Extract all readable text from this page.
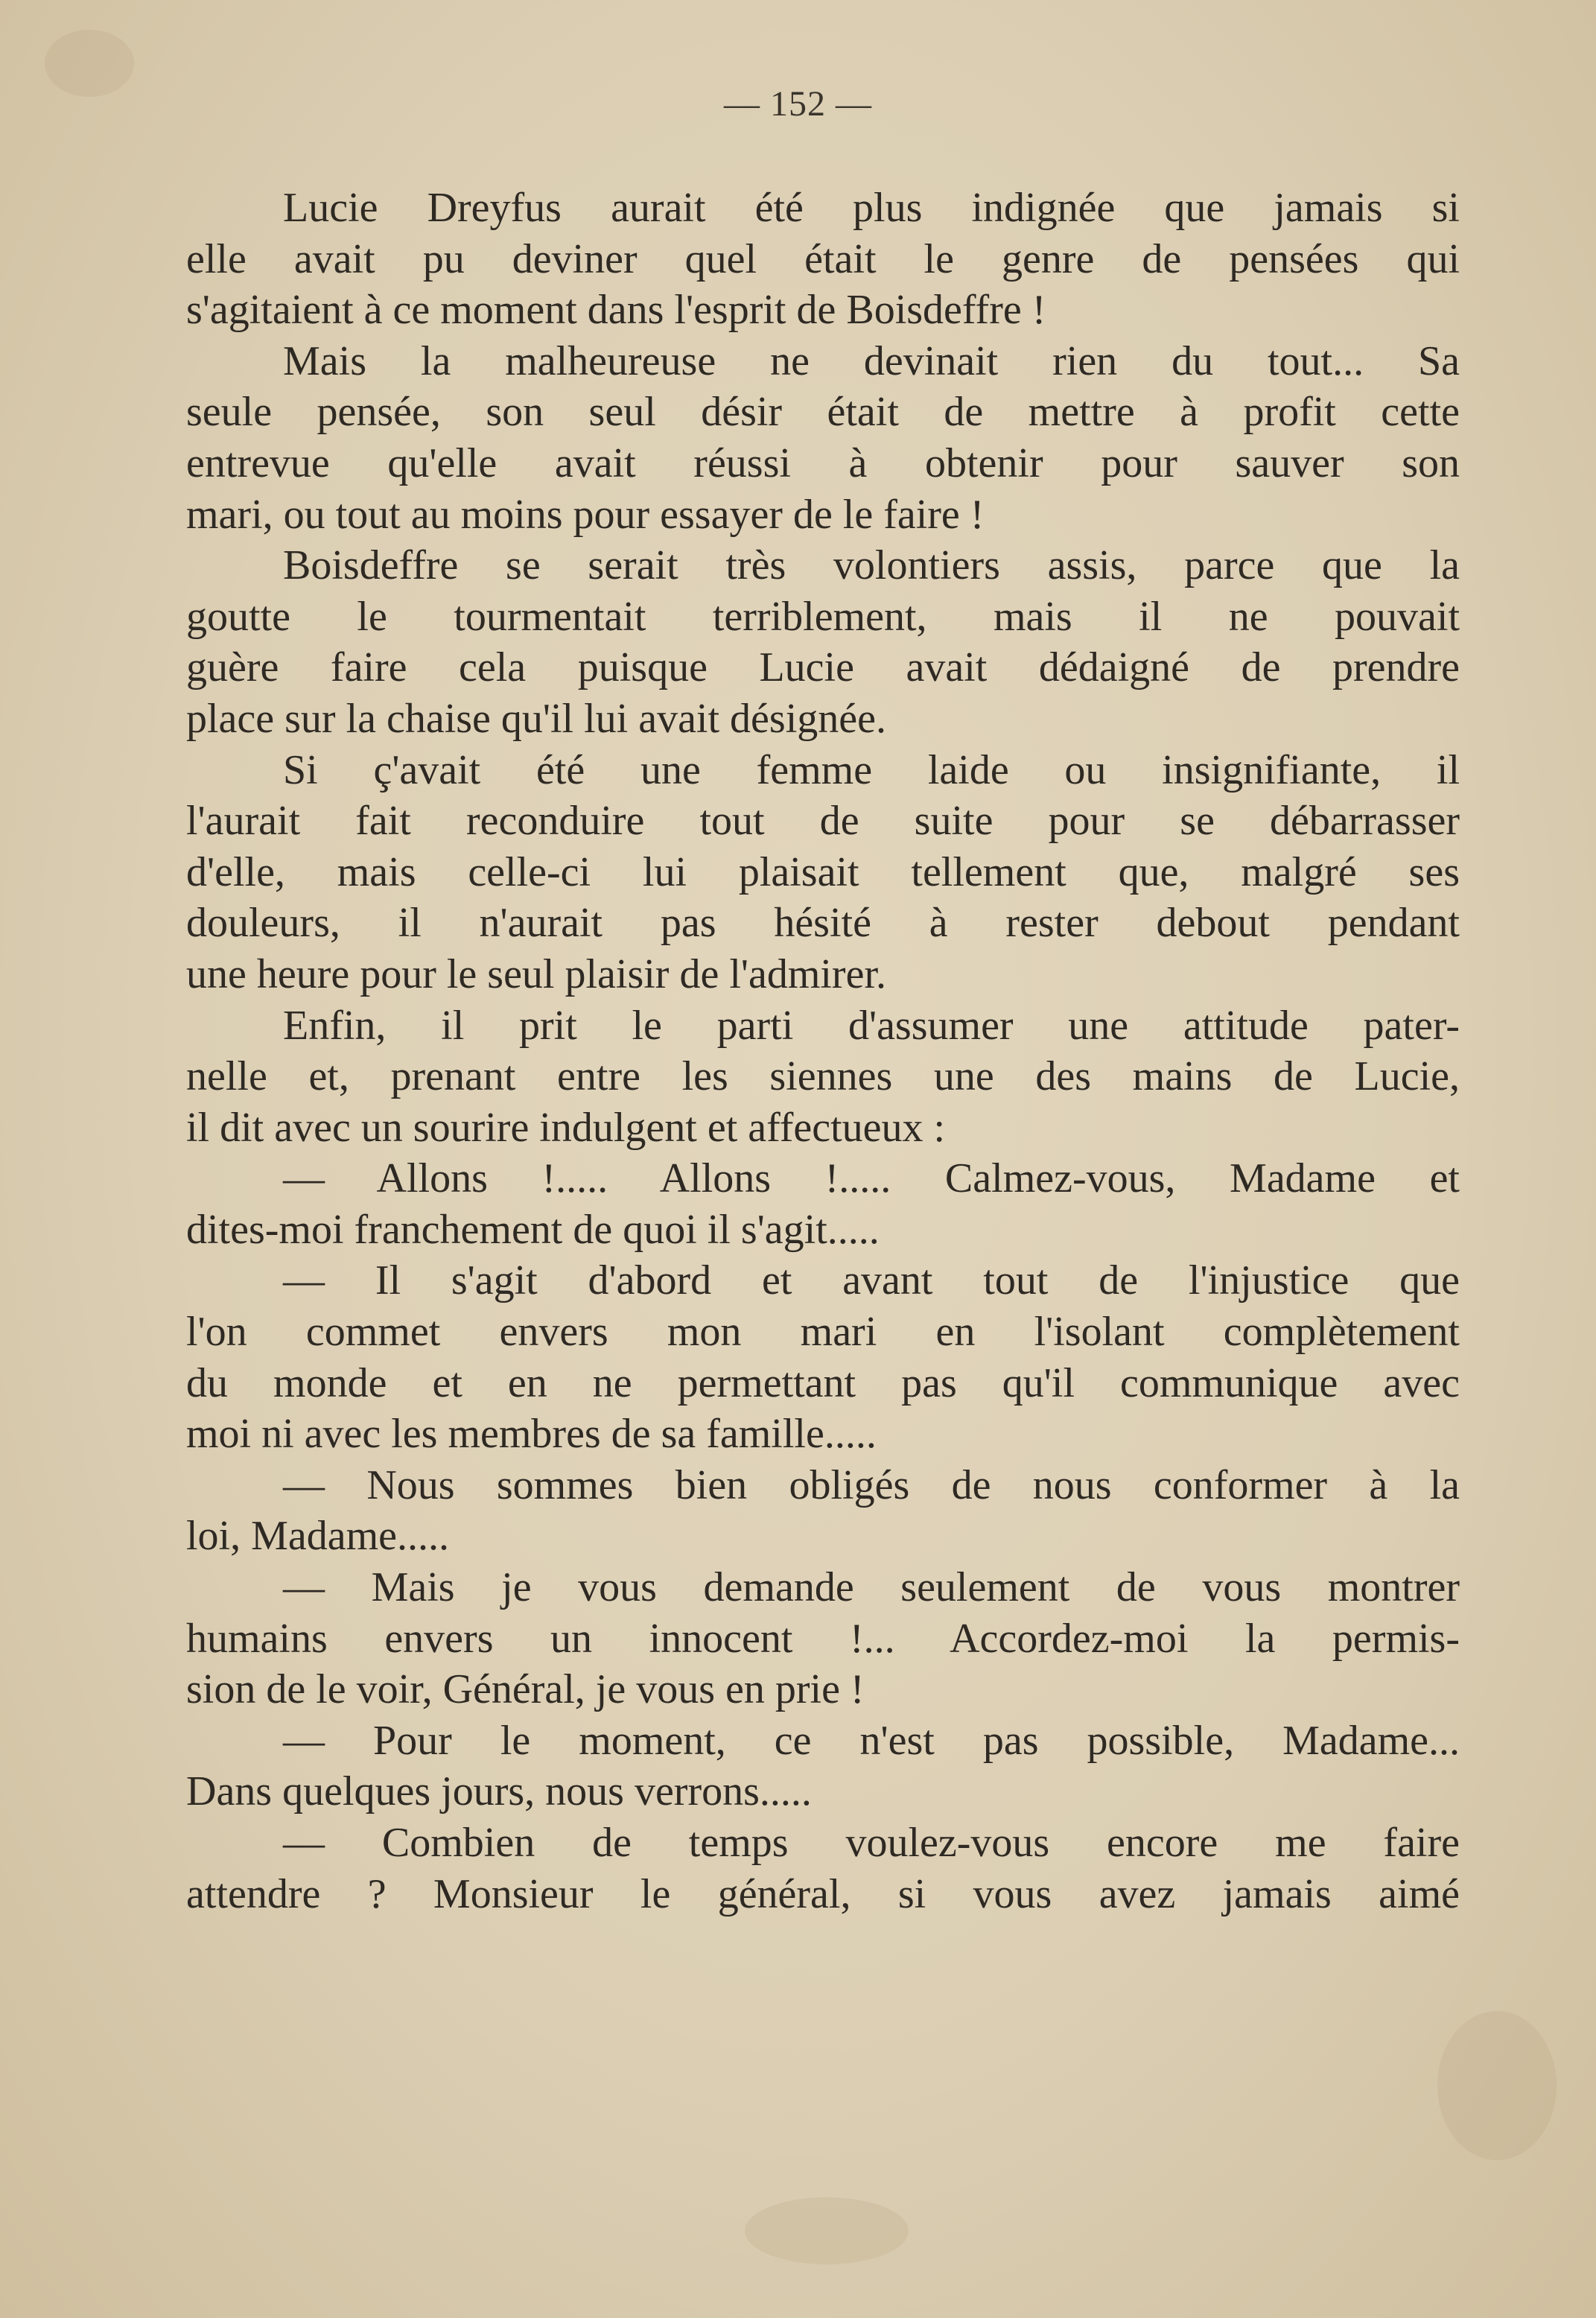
— 152 —
Lucie Dreyfus aurait été plus indignée que jamais si
elle avait pu deviner quel était le genre de pensées qui
s'agitaient à ce moment dans l'esprit de Boisdeffre !
Mais la malheureuse ne devinait rien du tout... Sa
seule pensée, son seul désir était de mettre à profit cette
entrevue qu'elle avait réussi à obtenir pour sauver son
mari, ou tout au moins pour essayer de le faire !
Boisdeffre se serait très volontiers assis, parce que la
goutte le tourmentait terriblement, mais il ne pouvait
guère faire cela puisque Lucie avait dédaigné de prendre
place sur la chaise qu'il lui avait désignée.
Si ç'avait été une femme laide ou insignifiante, il
l'aurait fait reconduire tout de suite pour se débarrasser
d'elle, mais celle-ci lui plaisait tellement que, malgré ses
douleurs, il n'aurait pas hésité à rester debout pendant
une heure pour le seul plaisir de l'admirer.
Enfin, il prit le parti d'assumer une attitude pater-
nelle et, prenant entre les siennes une des mains de Lucie,
il dit avec un sourire indulgent et affectueux :
— Allons !..... Allons !..... Calmez-vous, Madame et
dites-moi franchement de quoi il s'agit.....
— Il s'agit d'abord et avant tout de l'injustice que
l'on commet envers mon mari en l'isolant complètement
du monde et en ne permettant pas qu'il communique avec
moi ni avec les membres de sa famille.....
— Nous sommes bien obligés de nous conformer à la
loi, Madame.....
— Mais je vous demande seulement de vous montrer
humains envers un innocent !... Accordez-moi la permis-
sion de le voir, Général, je vous en prie !
— Pour le moment, ce n'est pas possible, Madame...
Dans quelques jours, nous verrons.....
— Combien de temps voulez-vous encore me faire
attendre ? Monsieur le général, si vous avez jamais aimé
